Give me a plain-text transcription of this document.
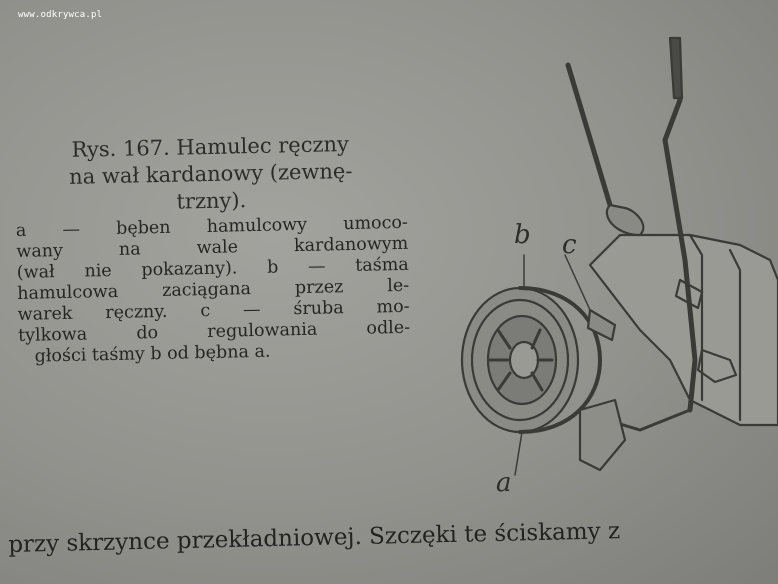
www.odkrywca.pl

Rys. 167. Hamulec ręczny
na wał kardanowy (zewnę-
trzny).

a — bęben hamulcowy umoco-
wany na wale kardanowym
(wał nie pokazany). b — taśma
hamulcowa zaciągana przez le-
warek ręczny. c — śruba mo-
tylkowa do regulowania odle-
głości taśmy b od bębna a.

b c
a
przy skrzynce przekładniowej. Szczęki te ściskamy z
